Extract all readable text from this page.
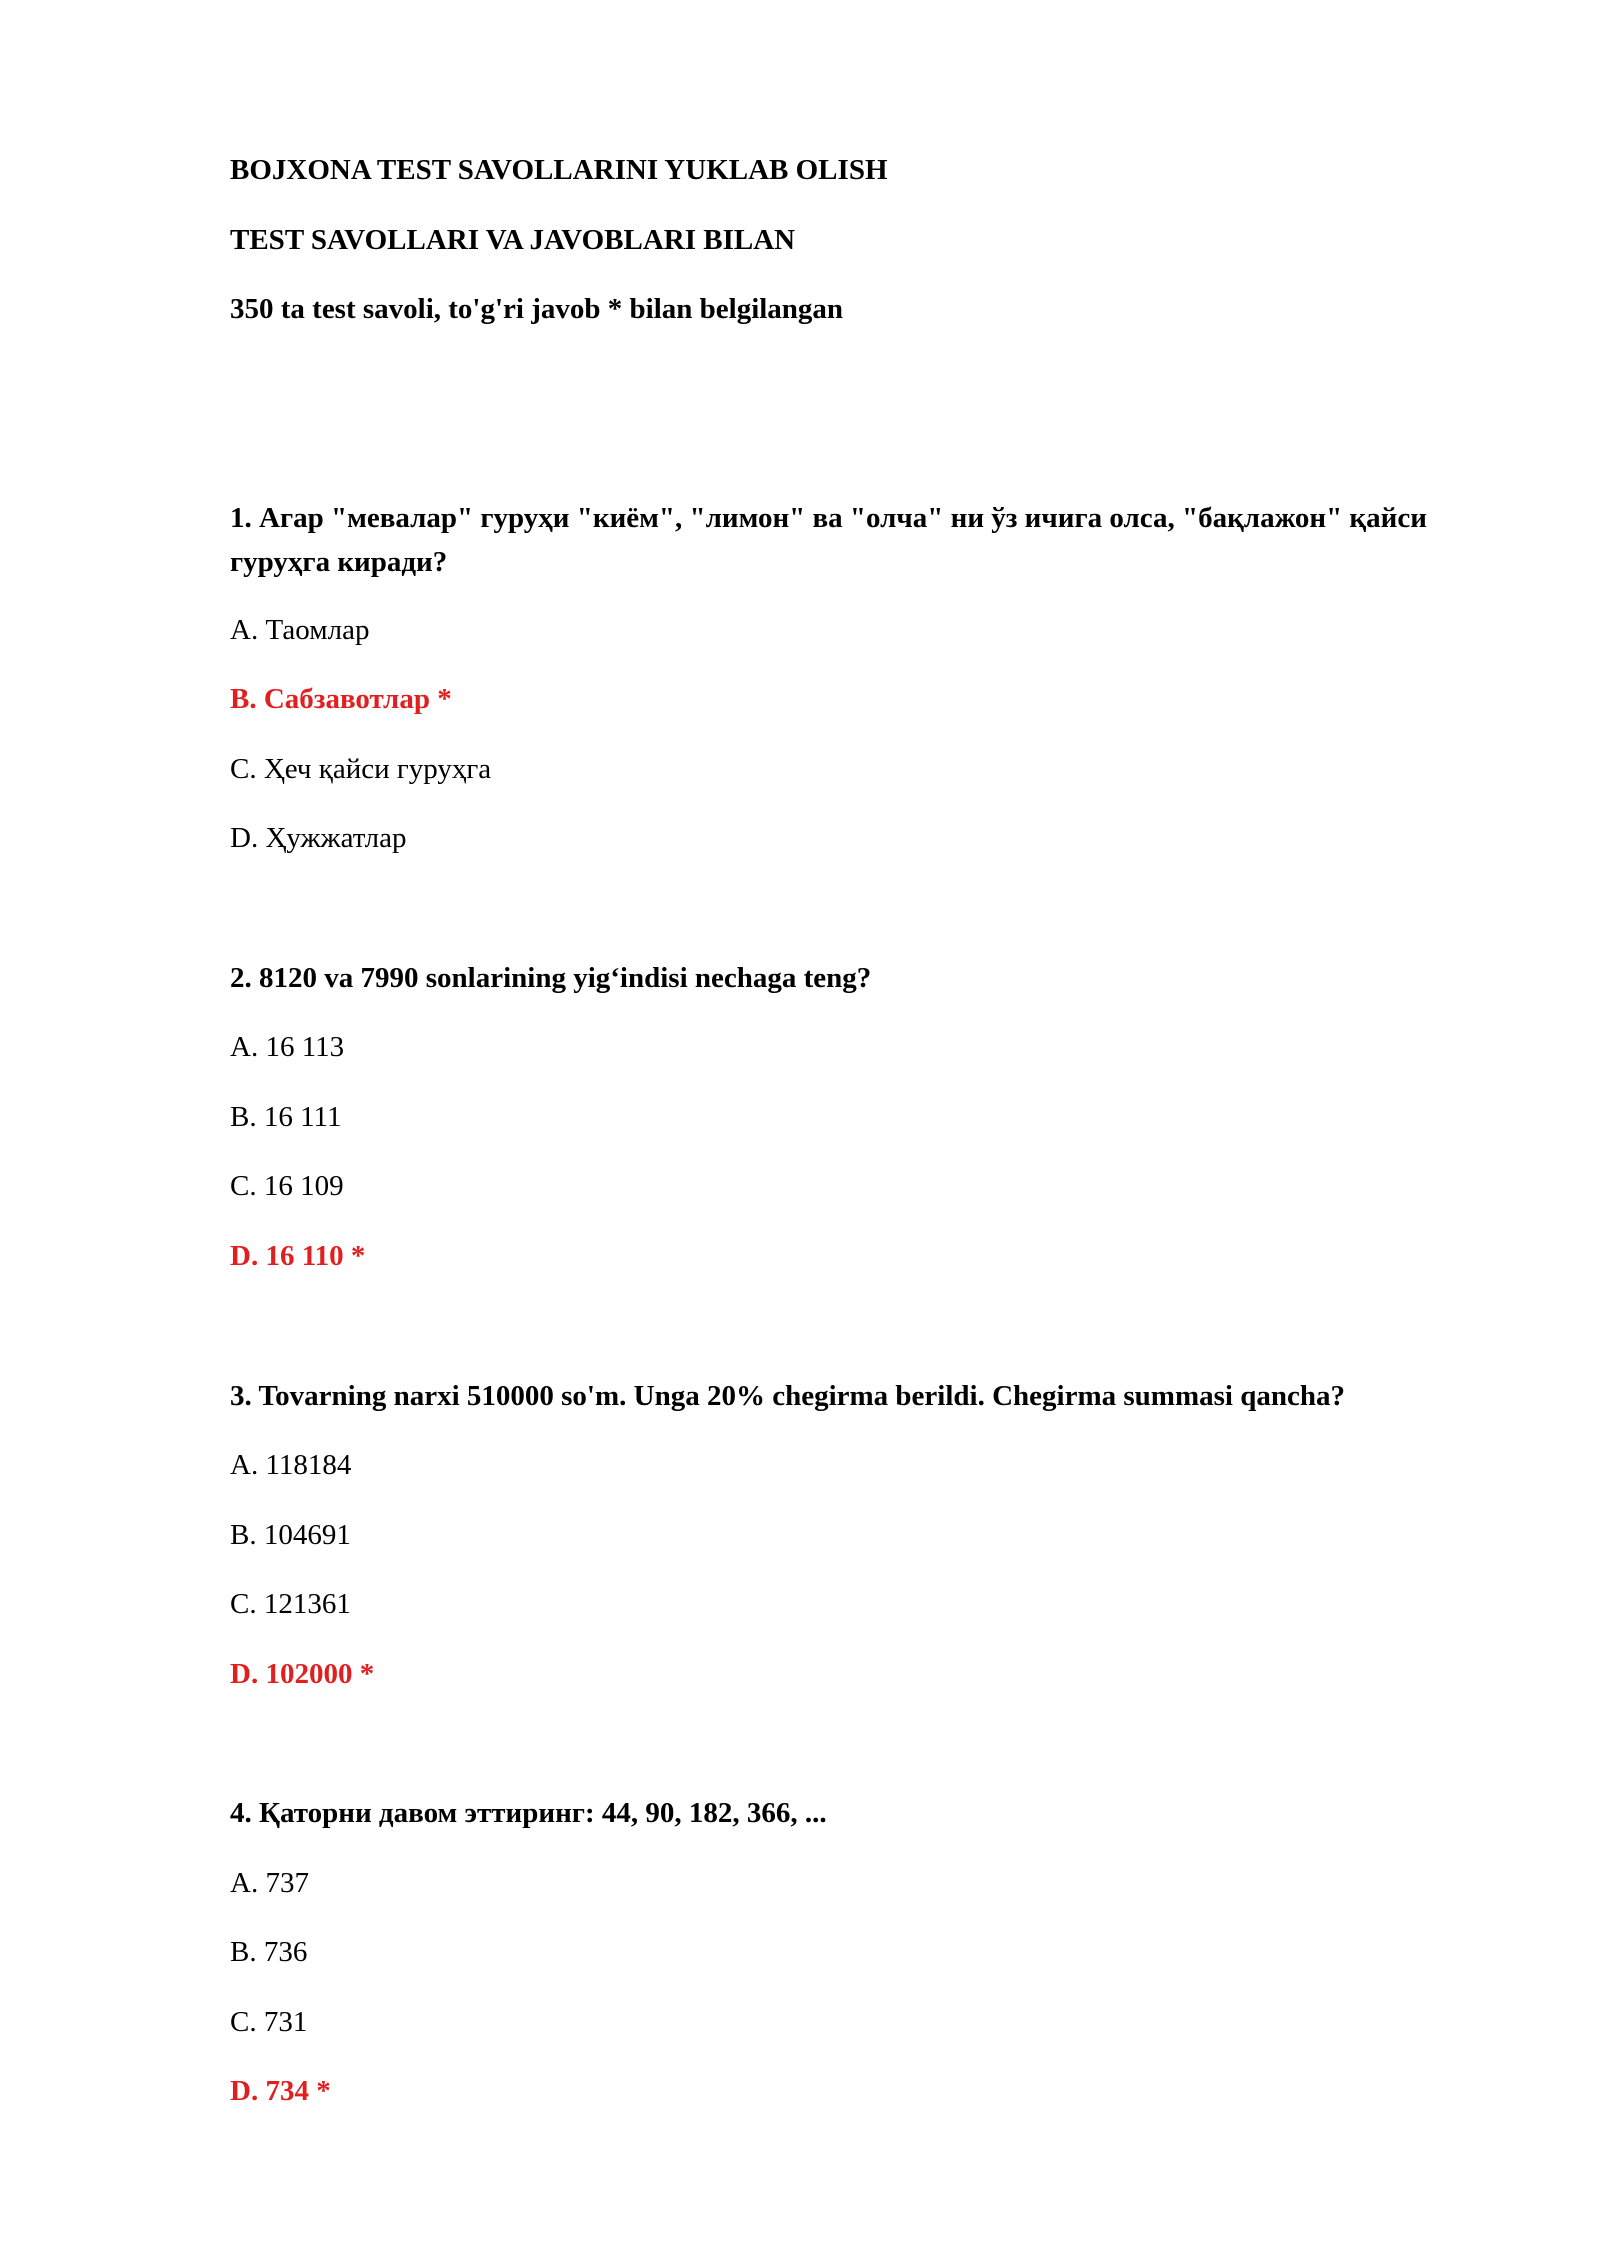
BOJXONA TEST SAVOLLARINI YUKLAB OLISH
TEST SAVOLLARI VA JAVOBLARI BILAN
350 ta test savoli, to'g'ri javob * bilan belgilangan
1. Агар "мевалар" гуруҳи "киём", "лимон" ва "олча" ни ўз ичига олса, "бақлажон" қайси гуруҳга киради?
A. Таомлар
B. Сабзавотлар *
C. Ҳеч қайси гуруҳга
D. Ҳужжатлар
2. 8120 va 7990 sonlarining yig‘indisi nechaga teng?
A. 16 113
B. 16 111
C. 16 109
D. 16 110 *
3. Tovarning narxi 510000 so'm. Unga 20% chegirma berildi. Chegirma summasi qancha?
A. 118184
B. 104691
C. 121361
D. 102000 *
4. Қаторни давом эттиринг: 44, 90, 182, 366, ...
A. 737
B. 736
C. 731
D. 734 *
